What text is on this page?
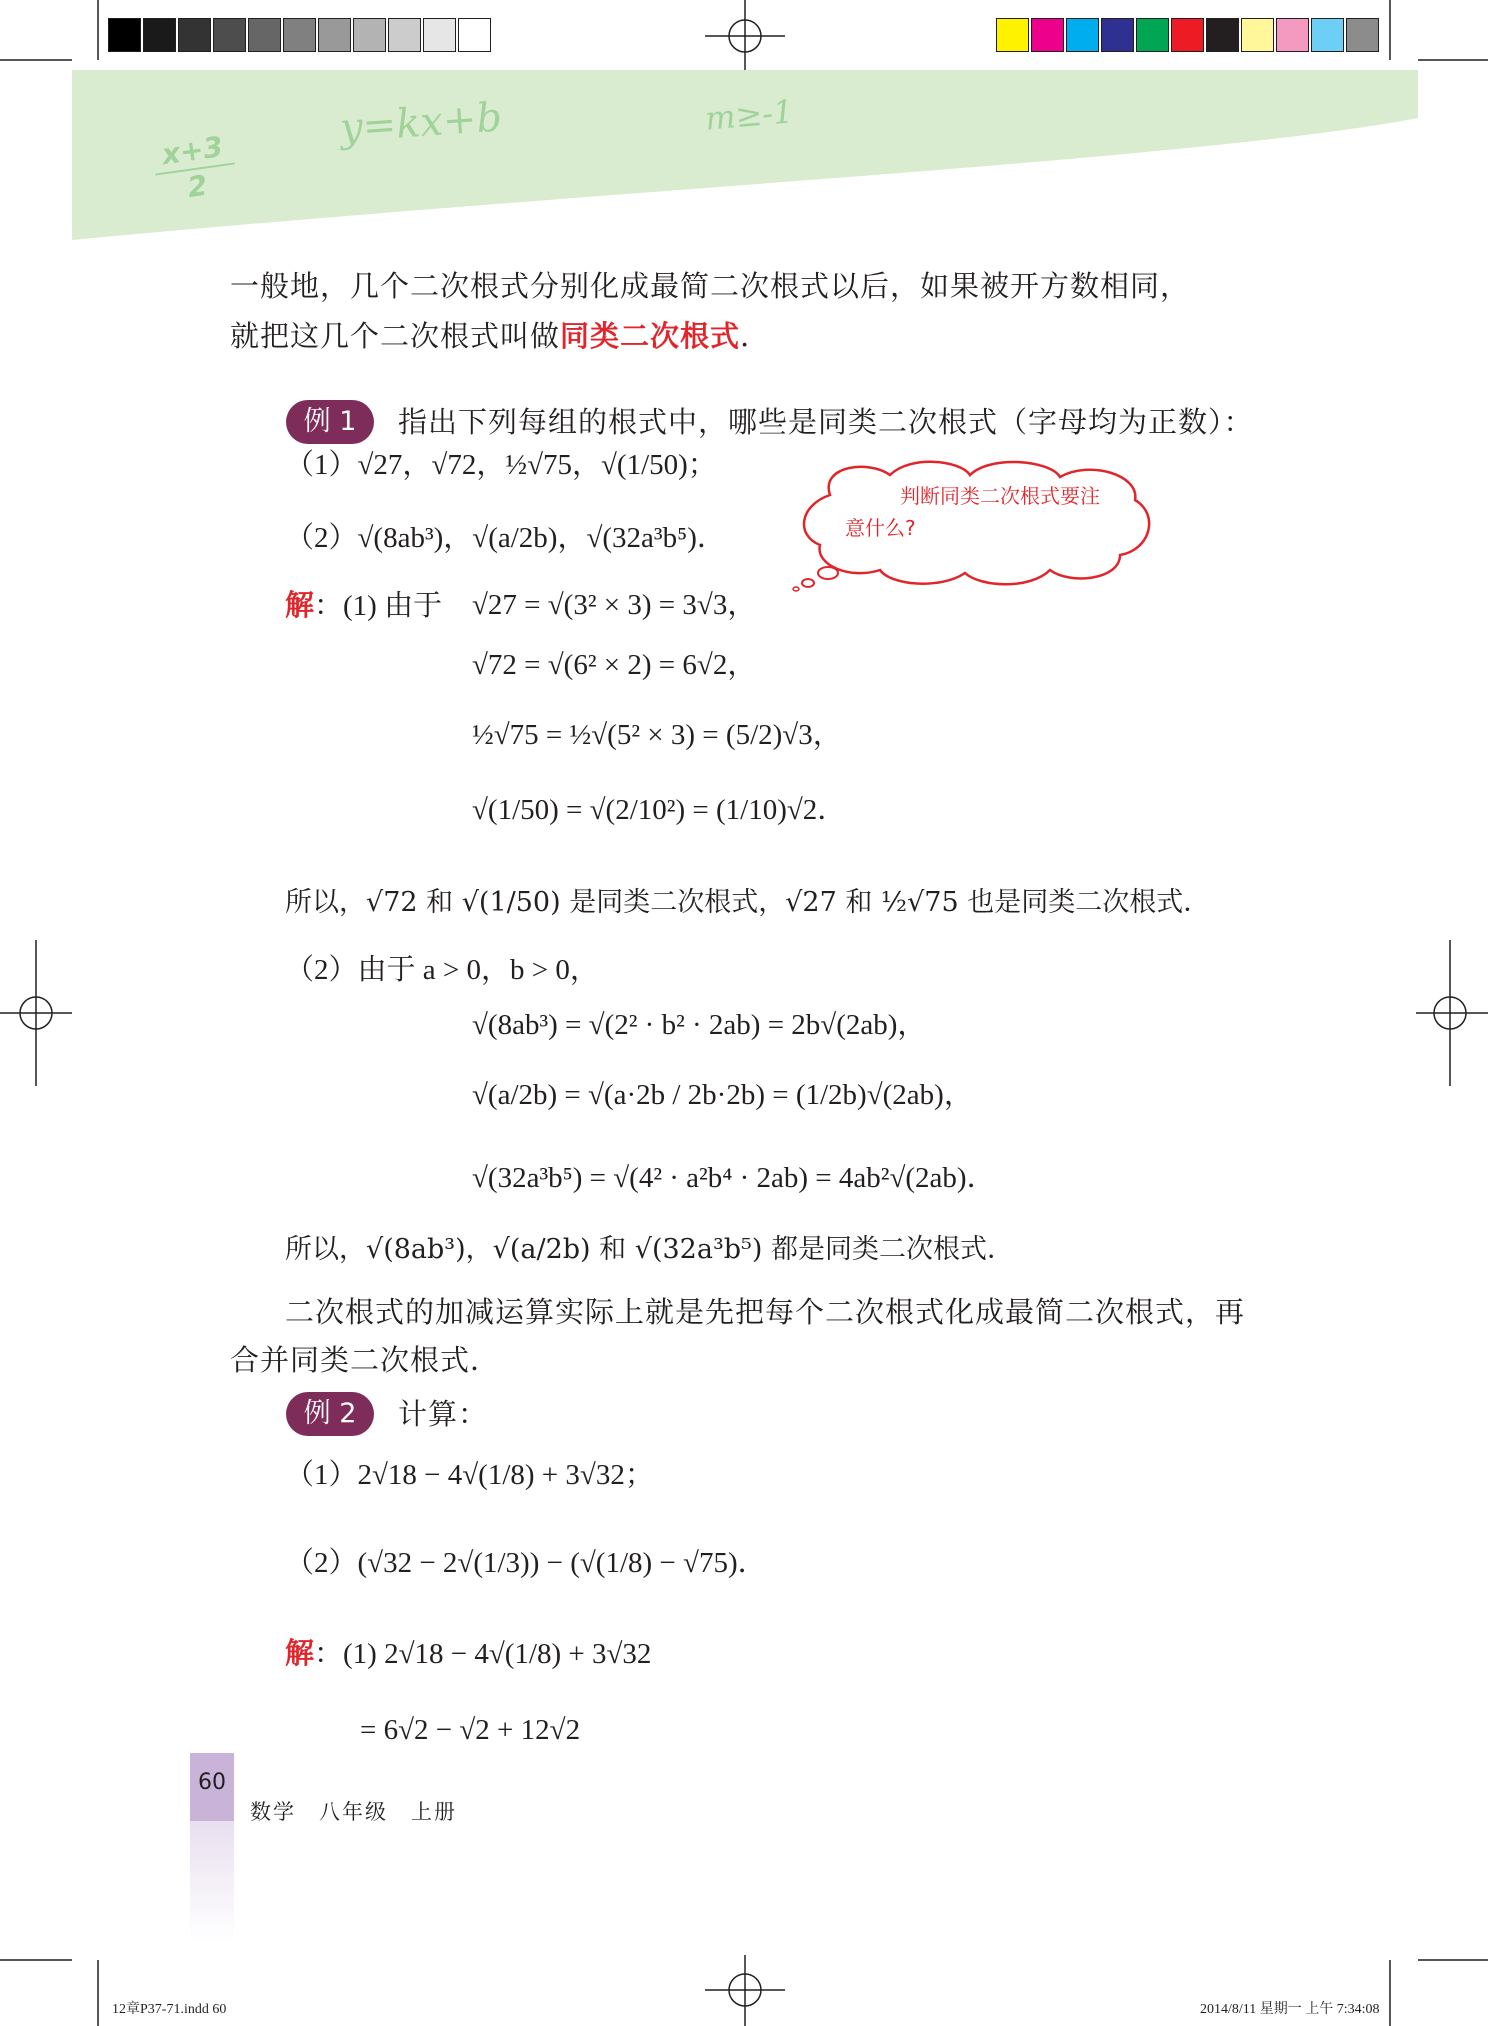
$\frac{x+3}{2}$
y=kx+b	m≥-1
一般地，几个二次根式分别化成最简二次根式以后，如果被开方数相同，
就把这几个二次根式叫做同类二次根式.
例 1	指出下列每组的根式中，哪些是同类二次根式（字母均为正数）：
（1）√27，√72，½√75，√(1/50)；
（2）√(8ab³)，√(a/2b)，√(32a³b⁵)．
判断同类二次根式要注意什么?
解：(1) 由于 √27 = √(3² × 3) = 3√3，
√72 = √(6² × 2) = 6√2，
½√75 = ½√(5² × 3) = (5/2)√3，
√(1/50) = √(2/10²) = (1/10)√2．
所以，√72 和 √(1/50) 是同类二次根式，√27 和 ½√75 也是同类二次根式．
（2）由于 a > 0，b > 0，
√(8ab³) = √(2² · b² · 2ab) = 2b√(2ab)，
√(a/2b) = √(a·2b / 2b·2b) = (1/2b)√(2ab)，
√(32a³b⁵) = √(4² · a²b⁴ · 2ab) = 4ab²√(2ab)．
所以，√(8ab³)，√(a/2b) 和 √(32a³b⁵) 都是同类二次根式．
二次根式的加减运算实际上就是先把每个二次根式化成最简二次根式，再
合并同类二次根式．
例 2	计算：
（1）2√18 − 4√(1/8) + 3√32；
（2）(√32 − 2√(1/3)) − (√(1/8) − √75)．
解：(1) 2√18 − 4√(1/8) + 3√32
= 6√2 − √2 + 12√2
60
数学　八年级　上册
12章P37-71.indd 60	2014/8/11 星期一 上午 7:34:08
